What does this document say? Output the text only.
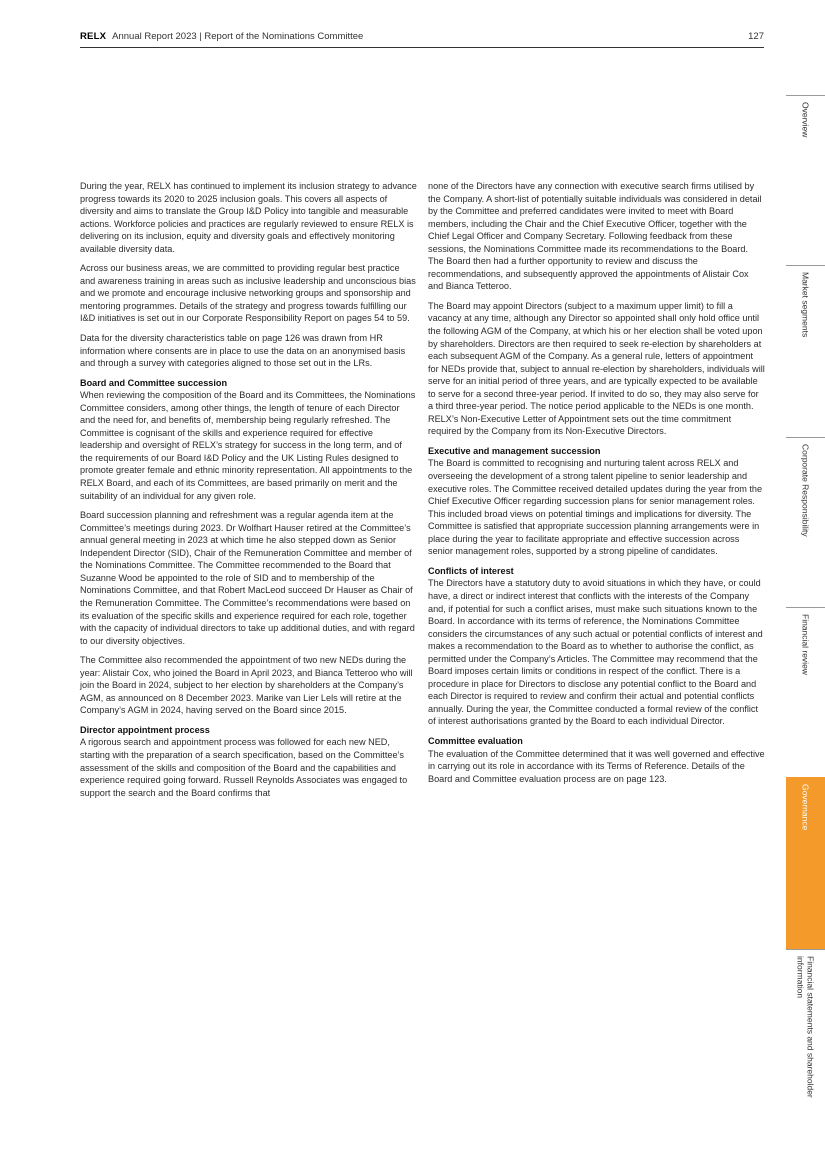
RELX Annual Report 2023 | Report of the Nominations Committee	127

During the year, RELX has continued to implement its inclusion strategy to advance progress towards its 2020 to 2025 inclusion goals. This covers all aspects of diversity and aims to translate the Group I&D Policy into tangible and measurable actions. Workforce policies and practices are regularly reviewed to ensure RELX is delivering on its inclusion, equity and diversity goals and effectively monitoring available diversity data.

Across our business areas, we are committed to providing regular best practice and awareness training in areas such as inclusive leadership and unconscious bias and we promote and encourage inclusive networking groups and sponsorship and mentoring programmes. Details of the strategy and progress towards fulfilling our I&D initiatives is set out in our Corporate Responsibility Report on pages 54 to 59.

Data for the diversity characteristics table on page 126 was drawn from HR information where consents are in place to use the data on an anonymised basis and through a survey with categories aligned to those set out in the LRs.

Board and Committee succession

When reviewing the composition of the Board and its Committees, the Nominations Committee considers, among other things, the length of tenure of each Director and the need for, and benefits of, membership being regularly refreshed. The Committee is cognisant of the skills and experience required for effective leadership and oversight of RELX’s strategy for success in the long term, and of the requirements of our Board I&D Policy and the UK Listing Rules designed to promote greater female and ethnic minority representation. All appointments to the RELX Board, and each of its Committees, are based primarily on merit and the suitability of an individual for any given role.

Board succession planning and refreshment was a regular agenda item at the Committee’s meetings during 2023. Dr Wolfhart Hauser retired at the Committee’s annual general meeting in 2023 at which time he also stepped down as Senior Independent Director (SID), Chair of the Remuneration Committee and member of the Nominations Committee. The Committee recommended to the Board that Suzanne Wood be appointed to the role of SID and to membership of the Nominations Committee, and that Robert MacLeod succeed Dr Hauser as Chair of the Remuneration Committee. The Committee’s recommendations were based on its evaluation of the specific skills and experience required for each role, together with the capacity of individual directors to take up additional duties, and with regard to our diversity objectives.

The Committee also recommended the appointment of two new NEDs during the year: Alistair Cox, who joined the Board in April 2023, and Bianca Tetteroo who will join the Board in 2024, subject to her election by shareholders at the Company’s AGM, as announced on 8 December 2023. Marike van Lier Lels will retire at the Company’s AGM in 2024, having served on the Board since 2015.

Director appointment process

A rigorous search and appointment process was followed for each new NED, starting with the preparation of a search specification, based on the Committee’s assessment of the skills and composition of the Board and the capabilities and experience required going forward. Russell Reynolds Associates was engaged to support the search and the Board confirms that

none of the Directors have any connection with executive search firms utilised by the Company. A short-list of potentially suitable individuals was considered in detail by the Committee and preferred candidates were invited to meet with Board members, including the Chair and the Chief Executive Officer, together with the Chief Legal Officer and Company Secretary. Following feedback from these sessions, the Nominations Committee made its recommendations to the Board. The Board then had a further opportunity to review and discuss the recommendations, and subsequently approved the appointments of Alistair Cox and Bianca Tetteroo.

The Board may appoint Directors (subject to a maximum upper limit) to fill a vacancy at any time, although any Director so appointed shall only hold office until the following AGM of the Company, at which his or her election shall be voted upon by shareholders. Directors are then required to seek re-election by shareholders at each subsequent AGM of the Company. As a general rule, letters of appointment for NEDs provide that, subject to annual re-election by shareholders, individuals will serve for an initial period of three years, and are typically expected to be available to serve for a second three-year period. If invited to do so, they may also serve for a third three-year period. The notice period applicable to the NEDs is one month. RELX’s Non-Executive Letter of Appointment sets out the time commitment required by the Company from its Non-Executive Directors.

Executive and management succession

The Board is committed to recognising and nurturing talent across RELX and overseeing the development of a strong talent pipeline to senior leadership and executive roles. The Committee received detailed updates during the year from the Chief Executive Officer regarding succession plans for senior management roles. This included broad views on potential timings and implications for diversity. The Committee is satisfied that appropriate succession planning arrangements were in place during the year to facilitate appropriate and effective succession across senior management roles, supported by a strong pipeline of candidates.

Conflicts of interest

The Directors have a statutory duty to avoid situations in which they have, or could have, a direct or indirect interest that conflicts with the interests of the Company and, if potential for such a conflict arises, must make such situations known to the Board. In accordance with its terms of reference, the Nominations Committee considers the circumstances of any such actual or potential conflicts of interest and makes a recommendation to the Board as to whether to authorise the conflict, as permitted under the Company’s Articles. The Committee may recommend that the Board imposes certain limits or conditions in respect of the conflict. There is a procedure in place for Directors to disclose any potential conflict to the Board and each Director is required to review and confirm their actual and potential conflicts annually. During the year, the Committee conducted a formal review of the conflict of interest authorisations granted by the Board to each individual Director.

Committee evaluation

The evaluation of the Committee determined that it was well governed and effective in carrying out its role in accordance with its Terms of Reference. Details of the Board and Committee evaluation process are on page 123.

Overview
Market segments
Corporate Responsibility
Financial review
Governance
Financial statements and shareholder information
